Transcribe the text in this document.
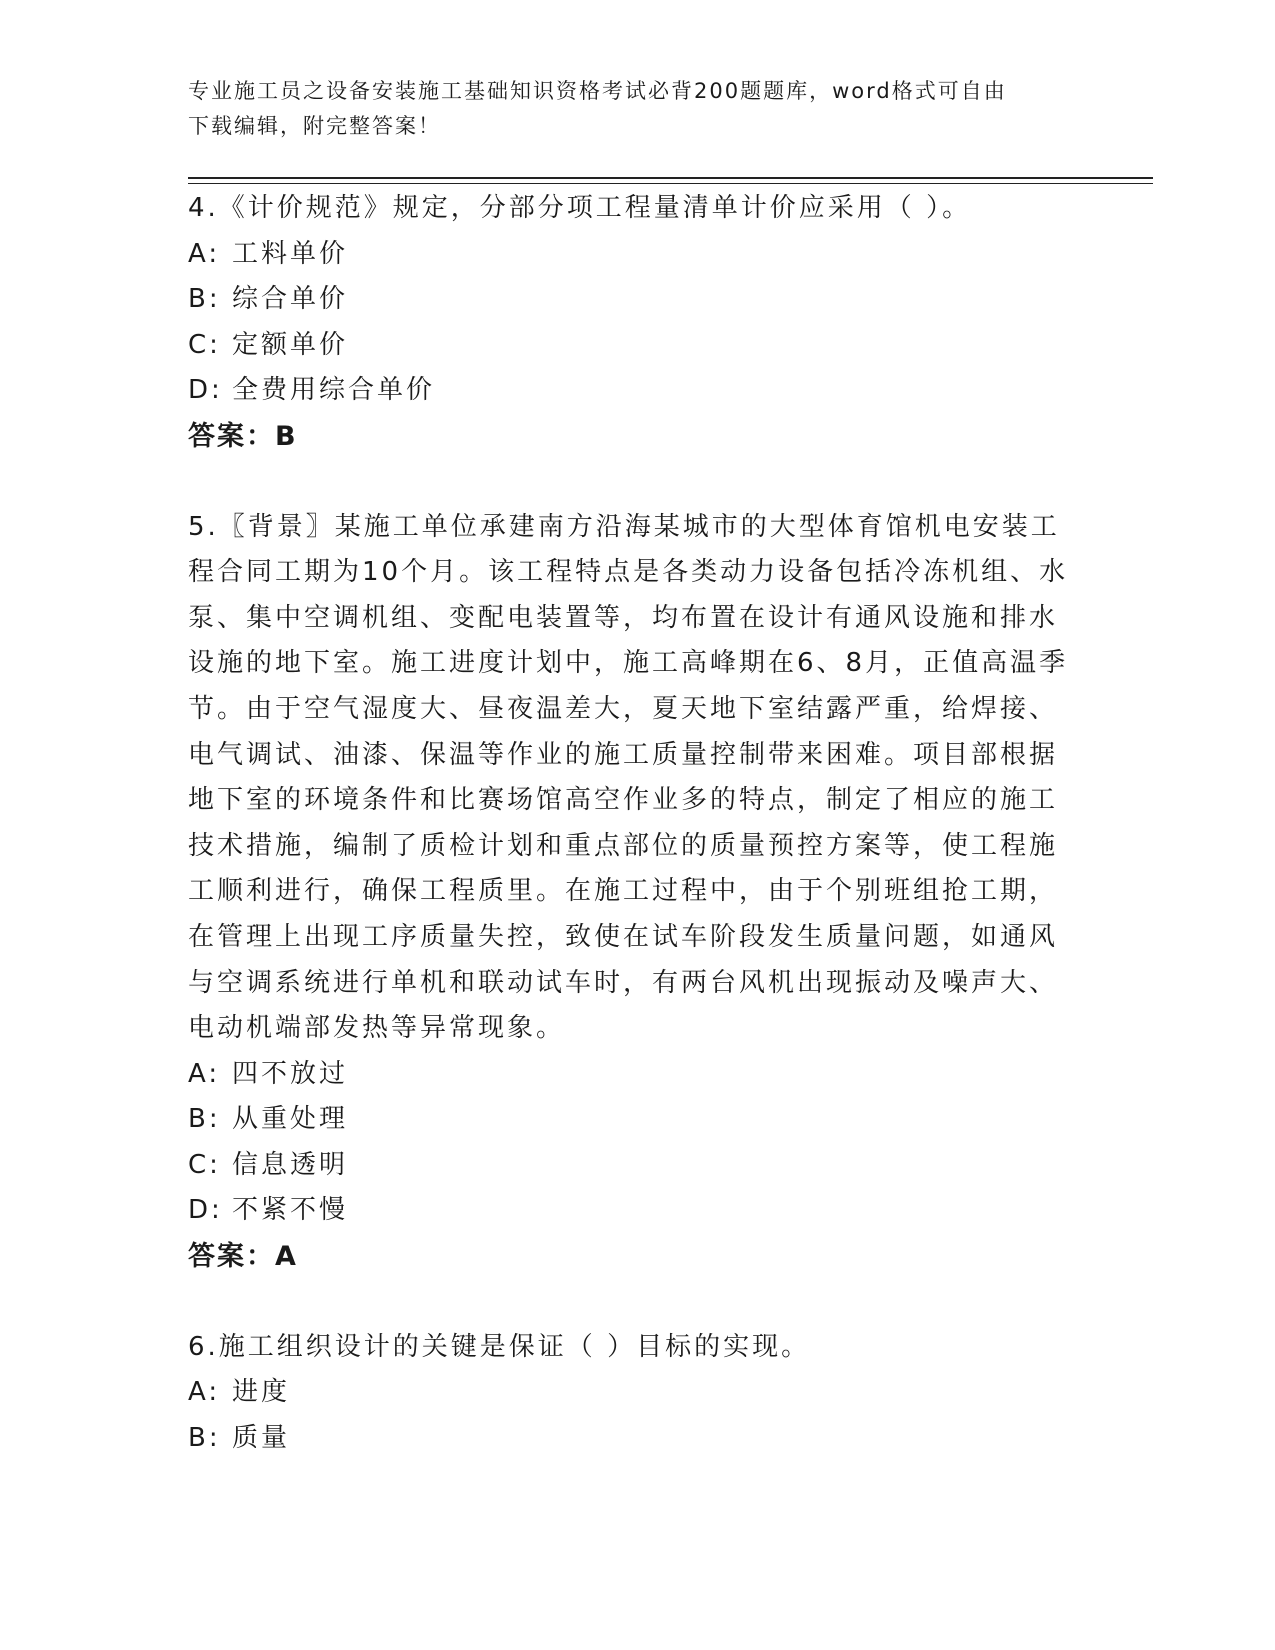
专业施工员之设备安装施工基础知识资格考试必背200题题库，word格式可自由
下载编辑，附完整答案！

4.《计价规范》规定，分部分项工程量清单计价应采用（ ）。

A: 工料单价

B: 综合单价

C: 定额单价

D: 全费用综合单价

答案：B

5.〖背景〗某施工单位承建南方沿海某城市的大型体育馆机电安装工

程合同工期为10个月。该工程特点是各类动力设备包括冷冻机组、水

泵、集中空调机组、变配电装置等，均布置在设计有通风设施和排水

设施的地下室。施工进度计划中，施工高峰期在6、8月，正值高温季

节。由于空气湿度大、昼夜温差大，夏天地下室结露严重，给焊接、

电气调试、油漆、保温等作业的施工质量控制带来困难。项目部根据

地下室的环境条件和比赛场馆高空作业多的特点，制定了相应的施工

技术措施，编制了质检计划和重点部位的质量预控方案等，使工程施

工顺利进行，确保工程质里。在施工过程中，由于个别班组抢工期，

在管理上出现工序质量失控，致使在试车阶段发生质量问题，如通风

与空调系统进行单机和联动试车时，有两台风机出现振动及噪声大、

电动机端部发热等异常现象。

A: 四不放过

B: 从重处理

C: 信息透明

D: 不紧不慢

答案：A

6.施工组织设计的关键是保证（ ）目标的实现。

A: 进度

B: 质量
